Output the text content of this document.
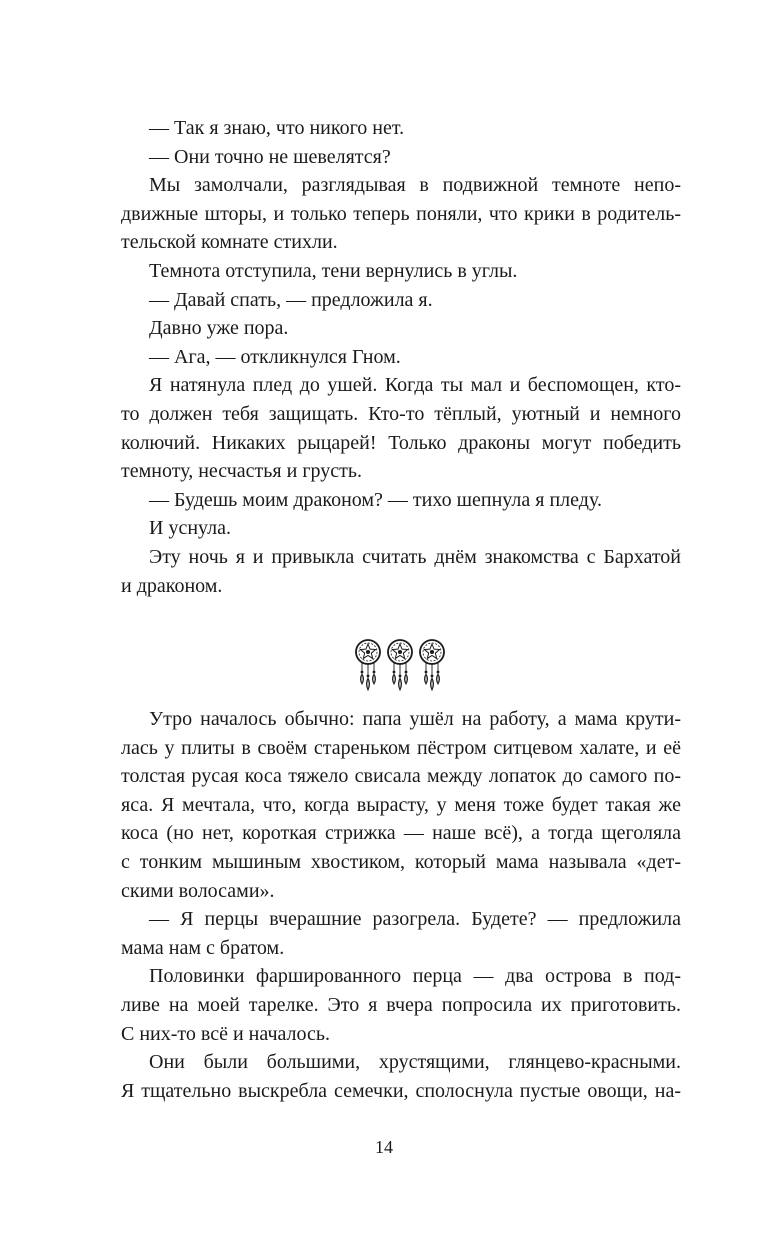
— Так я знаю, что никого нет.
— Они точно не шевелятся?
Мы замолчали, разглядывая в подвижной темноте непо-
движные шторы, и только теперь поняли, что крики в родитель-
тельской комнате стихли.
Темнота отступила, тени вернулись в углы.
— Давай спать, — предложила я.
Давно уже пора.
— Ага, — откликнулся Гном.
Я натянула плед до ушей. Когда ты мал и беспомощен, кто-
то должен тебя защищать. Кто-то тёплый, уютный и немного
колючий. Никаких рыцарей! Только драконы могут победить
темноту, несчастья и грусть.
— Будешь моим драконом? — тихо шепнула я пледу.
И уснула.
Эту ночь я и привыкла считать днём знакомства с Бархатой
и драконом.
Утро началось обычно: папа ушёл на работу, а мама крути-
лась у плиты в своём стареньком пёстром ситцевом халате, и её
толстая русая коса тяжело свисала между лопаток до самого по-
яса. Я мечтала, что, когда вырасту, у меня тоже будет такая же
коса (но нет, короткая стрижка — наше всё), а тогда щеголяла
с тонким мышиным хвостиком, который мама называла «дет-
скими волосами».
— Я перцы вчерашние разогрела. Будете? — предложила
мама нам с братом.
Половинки фаршированного перца — два острова в под-
ливе на моей тарелке. Это я вчера попросила их приготовить.
С них-то всё и началось.
Они были большими, хрустящими, глянцево-красными.
Я тщательно выскребла семечки, сполоснула пустые овощи, на-
14
